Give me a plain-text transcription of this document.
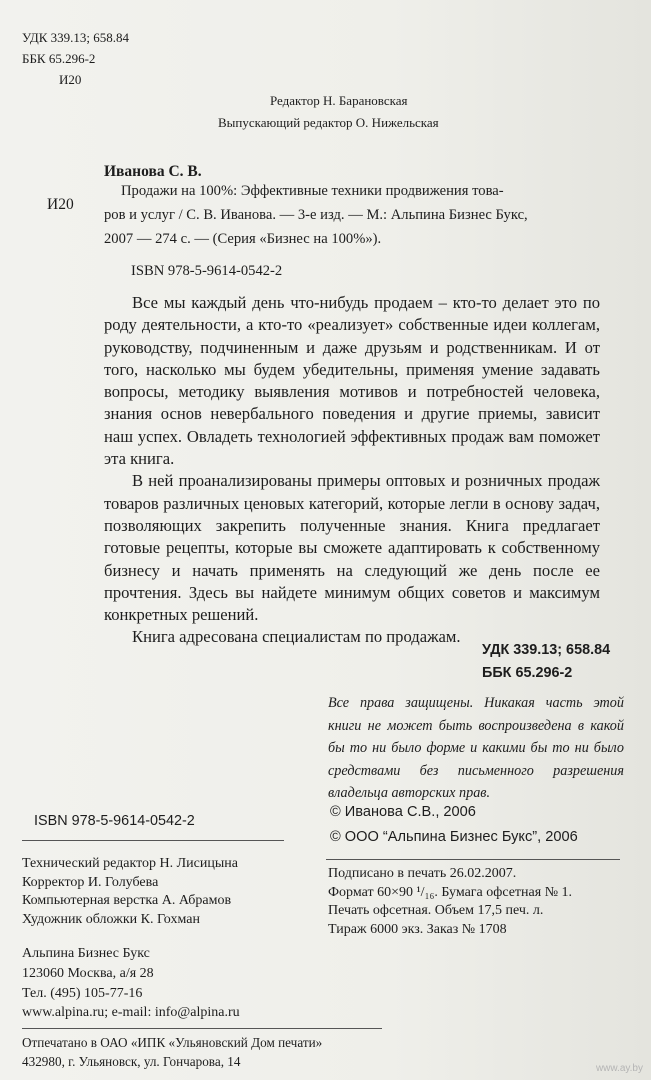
УДК 339.13; 658.84
ББК 65.296-2
И20
Редактор Н. Барановская
Выпускающий редактор О. Нижельская
Иванова С. В.
И20
Продажи на 100%: Эффективные техники продвижения това-
ров и услуг / С. В. Иванова. — 3-е изд. — М.: Альпина Бизнес Букс,
2007 — 274 с. — (Серия «Бизнес на 100%»).
ISBN 978-5-9614-0542-2

Все мы каждый день что-нибудь продаем – кто-то делает это по роду деятельности, а кто-то «реализует» собственные идеи коллегам, руководству, подчиненным и даже друзьям и родственникам. И от того, насколько мы будем убедительны, применяя умение задавать вопросы, методику выявления мотивов и потребностей человека, знания основ невербального поведения и другие приемы, зависит наш успех. Овладеть технологией эффективных продаж вам поможет эта книга.

В ней проанализированы примеры оптовых и розничных продаж товаров различных ценовых категорий, которые легли в основу задач, позволяющих закрепить полученные знания. Книга предлагает готовые рецепты, которые вы сможете адаптировать к собственному бизнесу и начать применять на следующий же день после ее прочтения. Здесь вы найдете минимум общих советов и максимум конкретных решений.

Книга адресована специалистам по продажам.

УДК 339.13; 658.84
ББК 65.296-2
Все права защищены. Никакая часть этой книги не может быть воспроизведена в какой бы то ни было форме и какими бы то ни было средствами без письменного разрешения владельца авторских прав.
© Иванова С.В., 2006
© ООО “Альпина Бизнес Букс”, 2006
ISBN 978-5-9614-0542-2
Технический редактор Н. Лисицына
Корректор И. Голубева
Компьютерная верстка А. Абрамов
Художник обложки К. Гохман
Подписано в печать 26.02.2007.
Формат 60×90 ¹/₁₆. Бумага офсетная № 1.
Печать офсетная. Объем 17,5 печ. л.
Тираж 6000 экз. Заказ № 1708
Альпина Бизнес Букс
123060 Москва, а/я 28
Тел. (495) 105-77-16
www.alpina.ru; e-mail: info@alpina.ru
Отпечатано в ОАО «ИПК «Ульяновский Дом печати»
432980, г. Ульяновск, ул. Гончарова, 14	www.ay.by
